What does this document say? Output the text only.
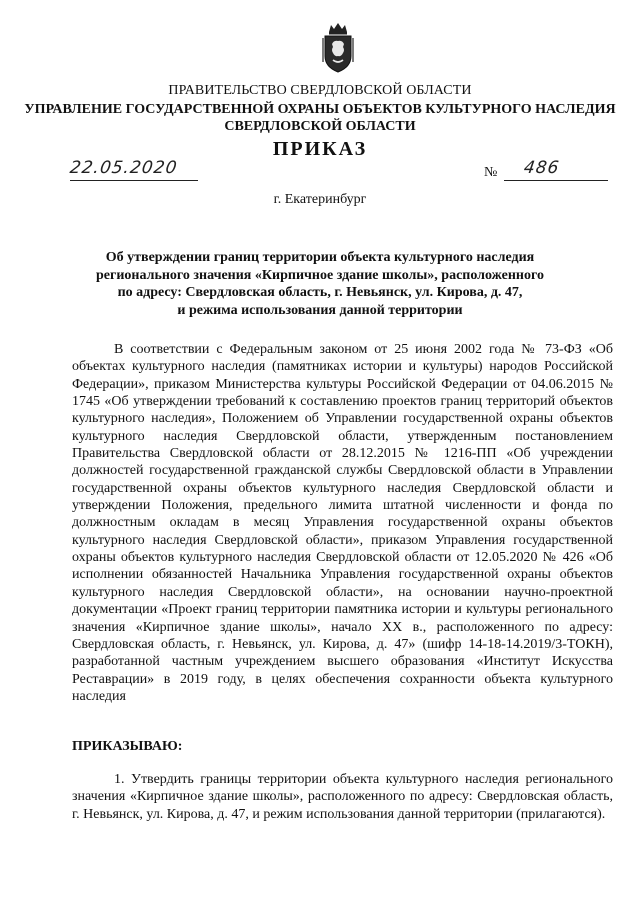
ПРАВИТЕЛЬСТВО СВЕРДЛОВСКОЙ ОБЛАСТИ
УПРАВЛЕНИЕ ГОСУДАРСТВЕННОЙ ОХРАНЫ ОБЪЕКТОВ КУЛЬТУРНОГО НАСЛЕДИЯ
СВЕРДЛОВСКОЙ ОБЛАСТИ
ПРИКАЗ
22.05.2020	№ 486
г. Екатеринбург
Об утверждении границ территории объекта культурного наследия
регионального значения «Кирпичное здание школы», расположенного
по адресу: Свердловская область, г. Невьянск, ул. Кирова, д. 47,
и режима использования данной территории
В соответствии с Федеральным законом от 25 июня 2002 года № 73-ФЗ «Об объектах культурного наследия (памятниках истории и культуры) народов Российской Федерации», приказом Министерства культуры Российской Федерации от 04.06.2015 № 1745 «Об утверждении требований к составлению проектов границ территорий объектов культурного наследия», Положением об Управлении государственной охраны объектов культурного наследия Свердловской области, утвержденным постановлением Правительства Свердловской области от 28.12.2015 № 1216-ПП «Об учреждении должностей государственной гражданской службы Свердловской области в Управлении государственной охраны объектов культурного наследия Свердловской области и утверждении Положения, предельного лимита штатной численности и фонда по должностным окладам в месяц Управления государственной охраны объектов культурного наследия Свердловской области», приказом Управления государственной охраны объектов культурного наследия Свердловской области от 12.05.2020 № 426 «Об исполнении обязанностей Начальника Управления государственной охраны объектов культурного наследия Свердловской области», на основании научно-проектной документации «Проект границ территории памятника истории и культуры регионального значения «Кирпичное здание школы», начало XX в., расположенного по адресу: Свердловская область, г. Невьянск, ул. Кирова, д. 47» (шифр 14-18-14.2019/3-ТОКН), разработанной частным учреждением высшего образования «Институт Искусства Реставрации» в 2019 году, в целях обеспечения сохранности объекта культурного наследия
ПРИКАЗЫВАЮ:
1. Утвердить границы территории объекта культурного наследия регионального значения «Кирпичное здание школы», расположенного по адресу: Свердловская область, г. Невьянск, ул. Кирова, д. 47, и режим использования данной территории (прилагаются).
